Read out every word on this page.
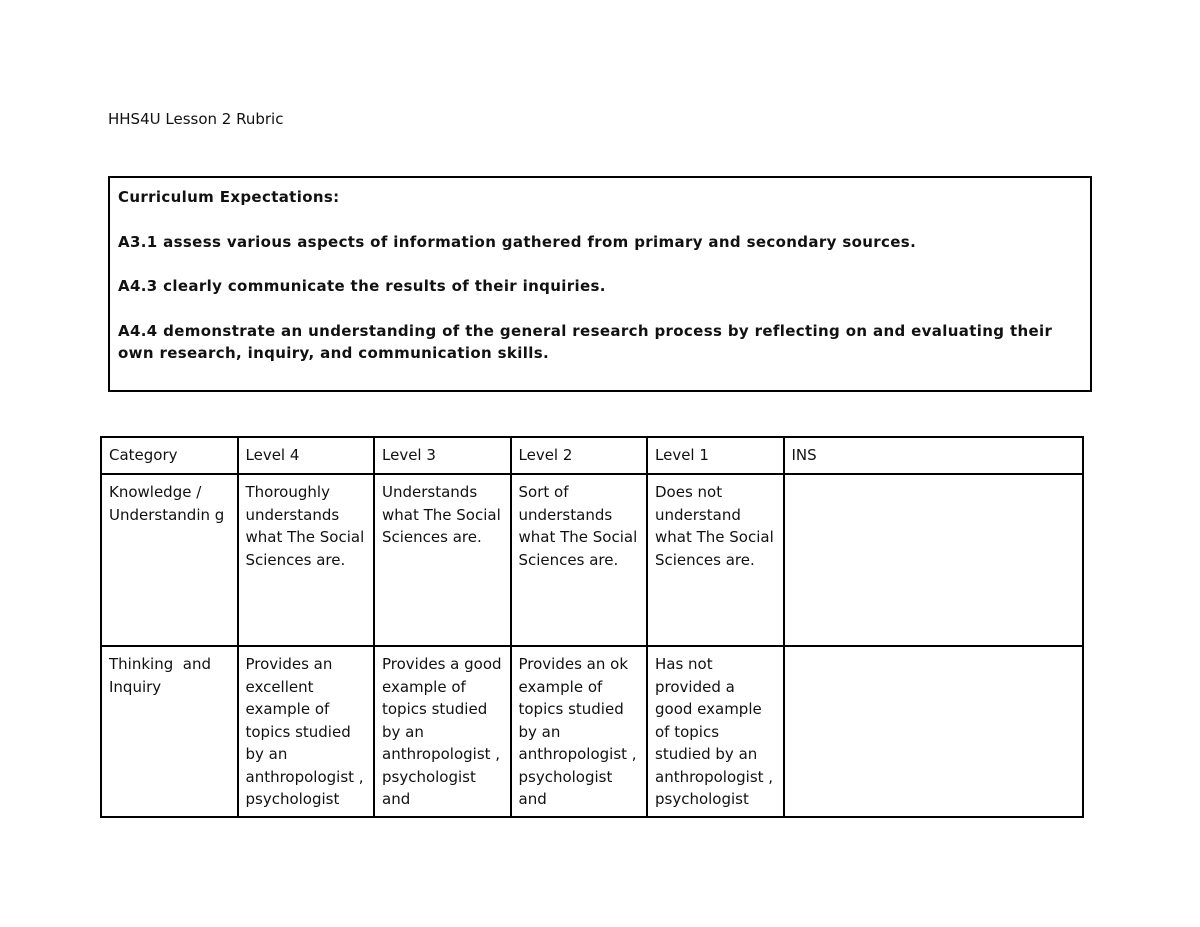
HHS4U Lesson 2 Rubric

Curriculum Expectations:

A3.1 assess various aspects of information gathered from primary and secondary sources.

A4.3 clearly communicate the results of their inquiries.

A4.4 demonstrate an understanding of the general research process by reflecting on and evaluating their own research, inquiry, and communication skills.

Category	Level 4	Level 3	Level 2	Level 1	INS

Knowledge / Understandin g	Thoroughly understands what The Social Sciences are.	Understands what The Social Sciences are.	Sort of understands what The Social Sciences are.	Does not understand what The Social Sciences are.	

Thinking  and Inquiry	Provides an excellent example of topics studied by an anthropologist , psychologist	Provides a good example of topics studied by an anthropologist , psychologist and	Provides an ok example of topics studied by an anthropologist , psychologist and	Has not provided a good example of topics studied by an anthropologist , psychologist	
